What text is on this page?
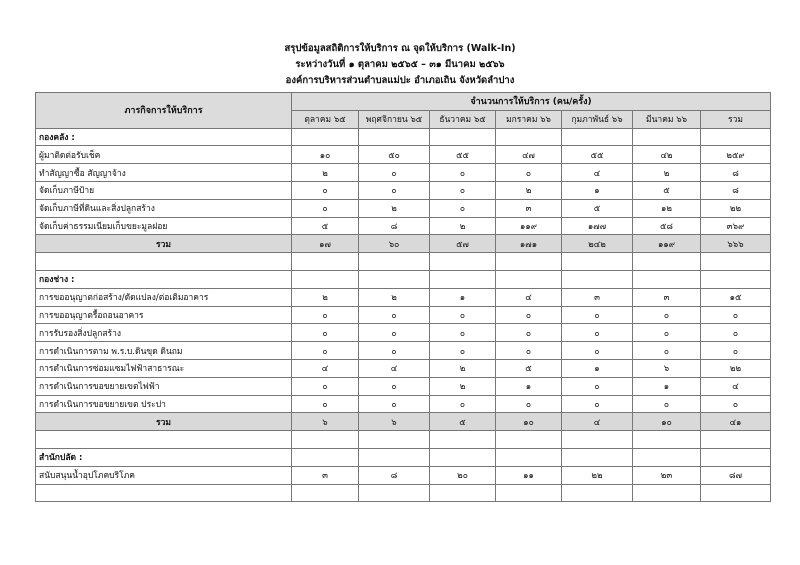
สรุปข้อมูลสถิติการให้บริการ ณ จุดให้บริการ (Walk-In)
ระหว่างวันที่ ๑ ตุลาคม ๒๕๖๕ – ๓๑ มีนาคม ๒๕๖๖
องค์การบริหารส่วนตำบลแม่ปะ อำเภอเถิน จังหวัดลำปาง
ภารกิจการให้บริการ	จำนวนการให้บริการ (คน/ครั้ง)						
	ตุลาคม ๖๕	พฤศจิกายน ๖๕	ธันวาคม ๖๕	มกราคม ๖๖	กุมภาพันธ์ ๖๖	มีนาคม ๖๖	รวม
กองคลัง :							
ผู้มาติดต่อรับเช็ค	๑๐	๕๐	๕๕	๔๗	๕๕	๔๒	๒๕๙
ทำสัญญาซื้อ สัญญาจ้าง	๒	๐	๐	๐	๔	๒	๘
จัดเก็บภาษีป้าย	๐	๐	๐	๒	๑	๕	๘
จัดเก็บภาษีที่ดินและสิ่งปลูกสร้าง	๐	๒	๐	๓	๕	๑๒	๒๒
จัดเก็บค่าธรรมเนียมเก็บขยะมูลฝอย	๕	๘	๒	๑๑๙	๑๗๗	๕๘	๓๖๙
รวม	๑๗	๖๐	๕๗	๑๗๑	๒๔๒	๑๑๙	๖๖๖

กองช่าง :							
การขออนุญาตก่อสร้าง/ดัดแปลง/ต่อเติมอาคาร	๒	๒	๑	๔	๓	๓	๑๕
การขออนุญาตรื้อถอนอาคาร	๐	๐	๐	๐	๐	๐	๐
การรับรองสิ่งปลูกสร้าง	๐	๐	๐	๐	๐	๐	๐
การดำเนินการตาม พ.ร.บ.ดินขุด ดินถม	๐	๐	๐	๐	๐	๐	๐
การดำเนินการซ่อมแซมไฟฟ้าสาธารณะ	๔	๔	๒	๕	๑	๖	๒๒
การดำเนินการขอขยายเขตไฟฟ้า	๐	๐	๒	๑	๐	๑	๔
การดำเนินการขอขยายเขต ประปา	๐	๐	๐	๐	๐	๐	๐
รวม	๖	๖	๕	๑๐	๔	๑๐	๔๑

สำนักปลัด :							
สนับสนุนน้ำอุปโภคบริโภค	๓	๘	๒๐	๑๑	๒๒	๒๓	๘๗
